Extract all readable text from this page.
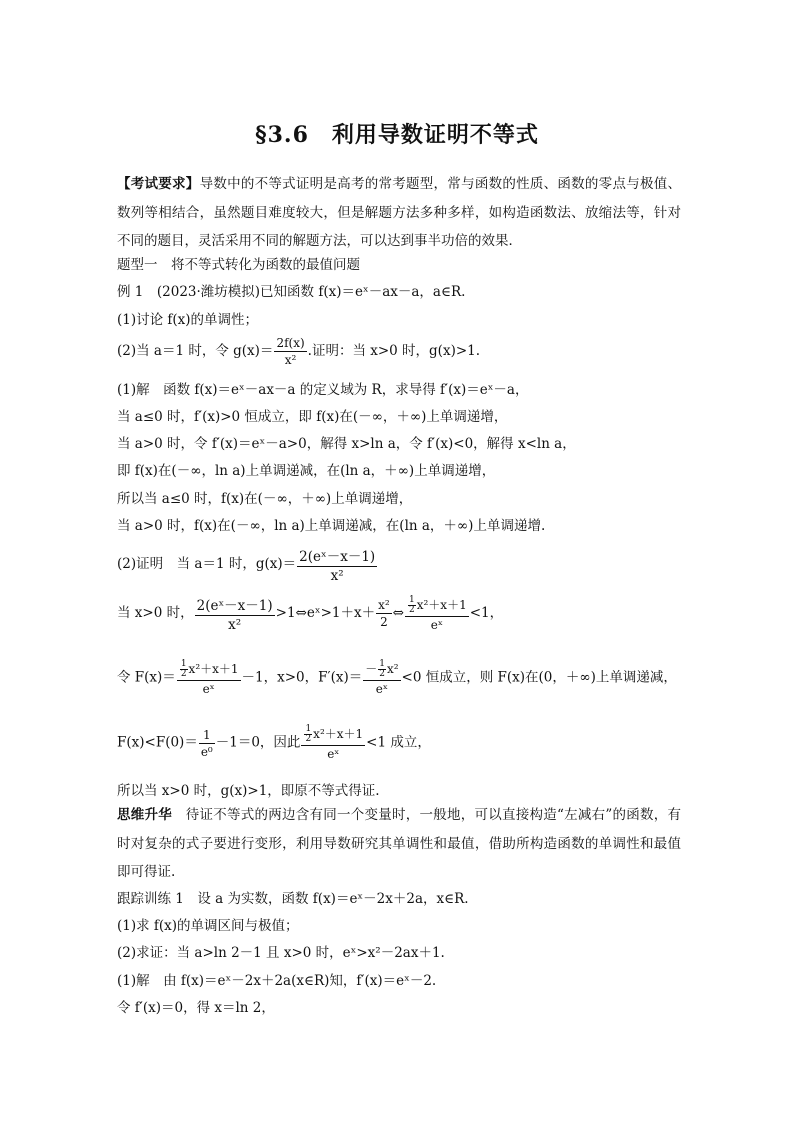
§3.6　利用导数证明不等式
【考试要求】导数中的不等式证明是高考的常考题型，常与函数的性质、函数的零点与极值、数列等相结合，虽然题目难度较大，但是解题方法多种多样，如构造函数法、放缩法等，针对不同的题目，灵活采用不同的解题方法，可以达到事半功倍的效果．
题型一　将不等式转化为函数的最值问题
例 1　(2023·潍坊模拟)已知函数 f(x)＝eˣ－ax－a，a∈R.
(1)讨论 f(x)的单调性；
(2)当 a＝1 时，令 $g(x)= \frac{2f(x)}{\text{x²}}$ .证明：当 x>0 时，g(x)>1.
(1)解　函数 f(x)＝eˣ－ax－a 的定义域为 R，求导得 f′(x)＝eˣ－a，
当 a≤0 时，f′(x)>0 恒成立，即 f(x)在(－∞，＋∞)上单调递增，
当 a>0 时，令 f′(x)＝eˣ－a>0，解得 x>ln a，令 f′(x)<0，解得 x<ln a，
即 f(x)在(－∞，ln a)上单调递减，在(ln a，＋∞)上单调递增，
所以当 a≤0 时，f(x)在(－∞，＋∞)上单调递增，
当 a>0 时，f(x)在(－∞，ln a)上单调递减，在(ln a，＋∞)上单调递增.
(2)证明　当 a＝1 时，$g(x)= \frac{\text{2(eˣ－x－1)}}{\text{x²}}$
当 x>0 时， $\frac{\text{2(eˣ－x－1)}}{\text{x²}}$ >1⇔eˣ>1＋x＋ $\frac{\text{x²}}{2}$ ⇔ $\frac{\frac{1}{2} x^2+x+1}{\text{eˣ}} <1$，
令 $F(x)= \frac{\frac{1}{2} x^2+x+1}{\text{eˣ}} -1$，x>0，$F'(x)= \frac{- \frac{1}{2} x^2}{\text{eˣ}} <0$ 恒成立，则 F(x)在(0，＋∞)上单调递减，
$F(x)<F(0)= \frac{1}{\text{e⁰}} -1=0$，因此 $\frac{\frac{1}{2} x^2+x+1}{\text{eˣ}} <1$ 成立，
所以当 x>0 时，g(x)>1，即原不等式得证.
思维升华　 待证不等式的两边含有同一个变量时，一般地，可以直接构造“左减右”的函数，有时对复杂的式子要进行变形，利用导数研究其单调性和最值，借助所构造函数的单调性和最值即可得证.
跟踪训练 1　设 a 为实数，函数 f(x)＝eˣ－2x＋2a，x∈R.
(1)求 f(x)的单调区间与极值；
(2)求证：当 a>ln 2－1 且 x>0 时，eˣ>x²－2ax＋1.
(1)解　由 f(x)＝eˣ－2x＋2a(x∈R)知，f′(x)＝eˣ－2.
令 f′(x)＝0，得 x＝ln 2，
